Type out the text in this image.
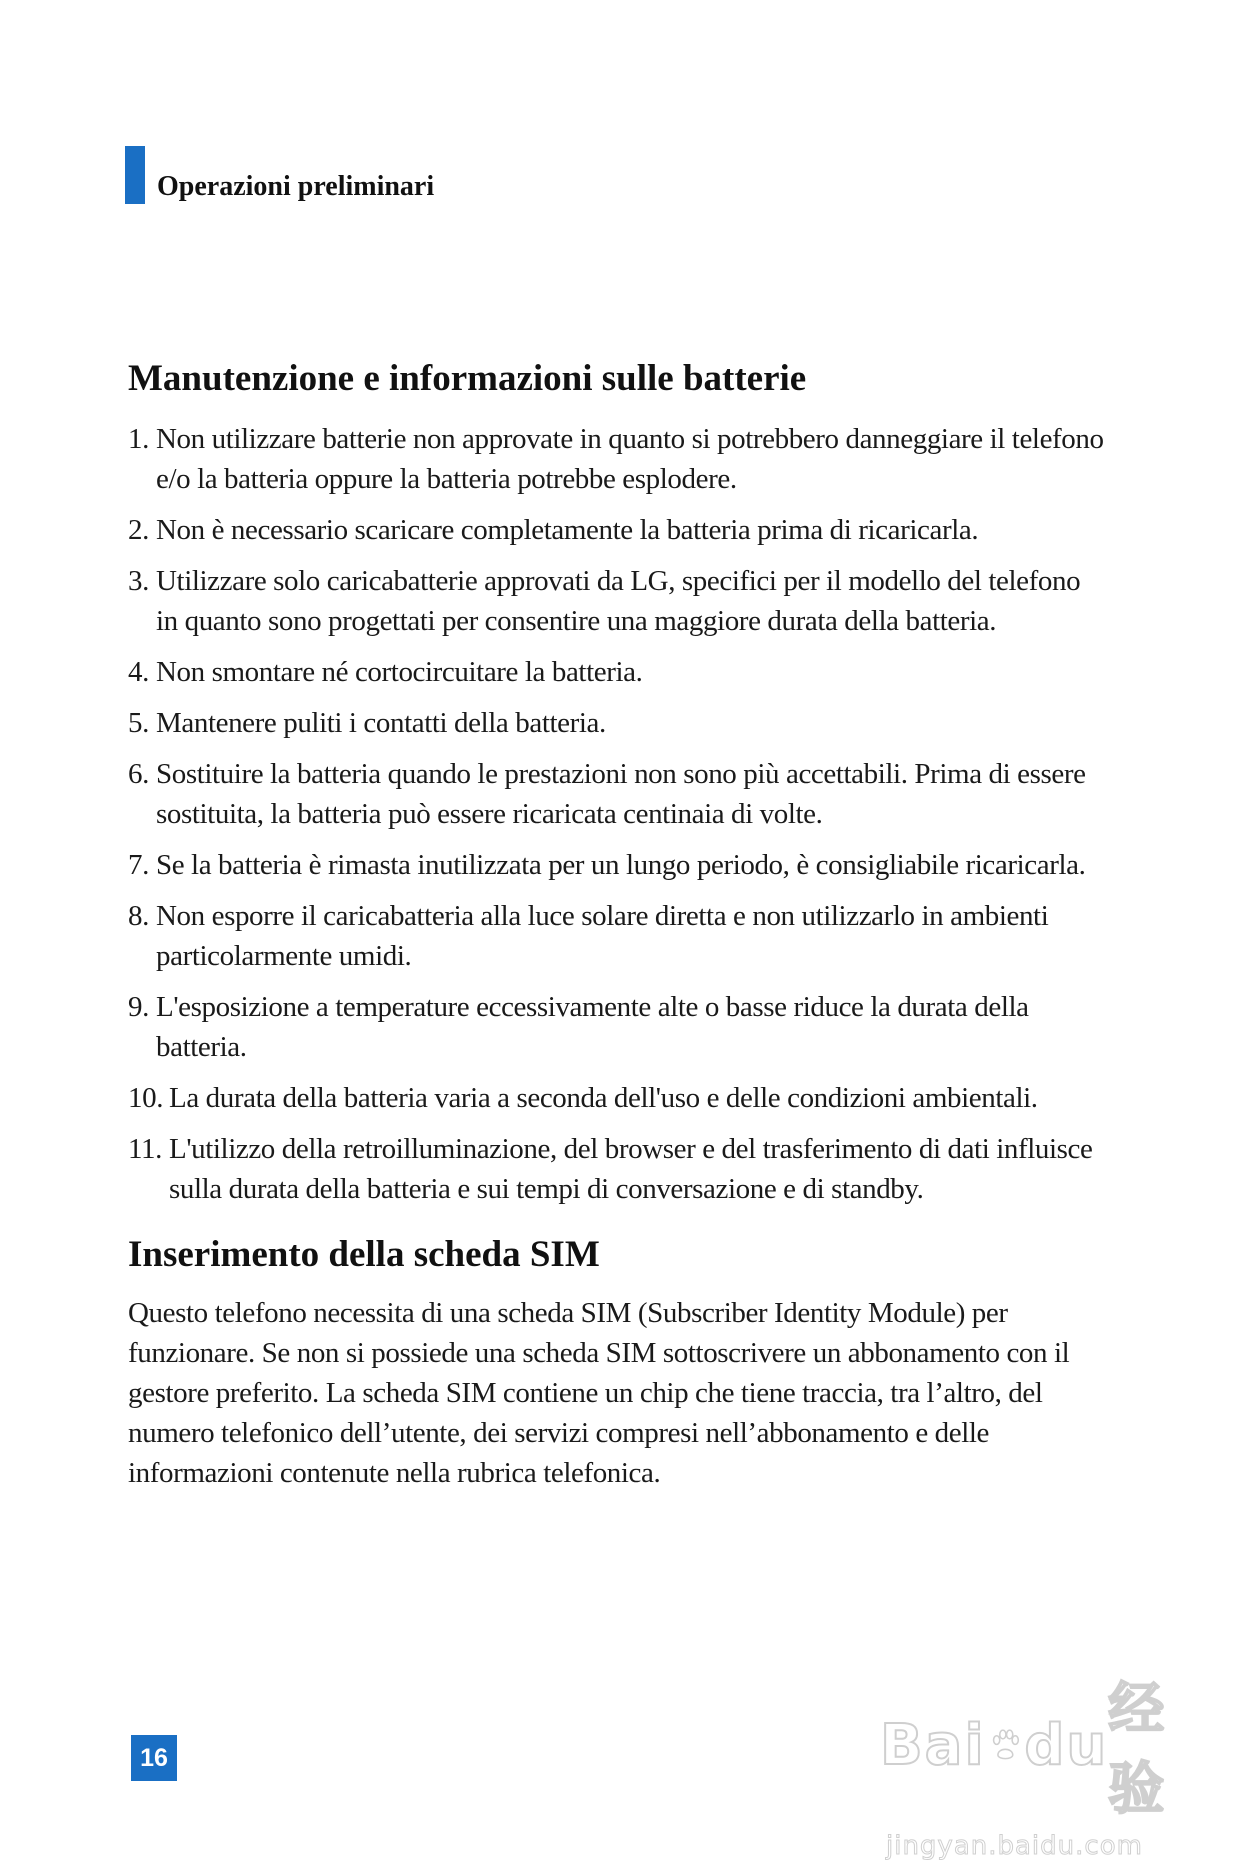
Operazioni preliminari
Manutenzione e informazioni sulle batterie
1. Non utilizzare batterie non approvate in quanto si potrebbero danneggiare il telefono e/o la batteria oppure la batteria potrebbe esplodere.
2. Non è necessario scaricare completamente la batteria prima di ricaricarla.
3. Utilizzare solo caricabatterie approvati da LG, specifici per il modello del telefono in quanto sono progettati per consentire una maggiore durata della batteria.
4. Non smontare né cortocircuitare la batteria.
5. Mantenere puliti i contatti della batteria.
6. Sostituire la batteria quando le prestazioni non sono più accettabili. Prima di essere sostituita, la batteria può essere ricaricata centinaia di volte.
7. Se la batteria è rimasta inutilizzata per un lungo periodo, è consigliabile ricaricarla.
8. Non esporre il caricabatteria alla luce solare diretta e non utilizzarlo in ambienti particolarmente umidi.
9. L'esposizione a temperature eccessivamente alte o basse riduce la durata della batteria.
10. La durata della batteria varia a seconda dell'uso e delle condizioni ambientali.
11. L'utilizzo della retroilluminazione, del browser e del trasferimento di dati influisce sulla durata della batteria e sui tempi di conversazione e di standby.
Inserimento della scheda SIM

Questo telefono necessita di una scheda SIM (Subscriber Identity Module) per funzionare. Se non si possiede una scheda SIM sottoscrivere un abbonamento con il gestore preferito. La scheda SIM contiene un chip che tiene traccia, tra l’altro, del numero telefonico dell’utente, dei servizi compresi nell’abbonamento e delle informazioni contenute nella rubrica telefonica.

16	Bai du
经验
jingyan.baidu.com
